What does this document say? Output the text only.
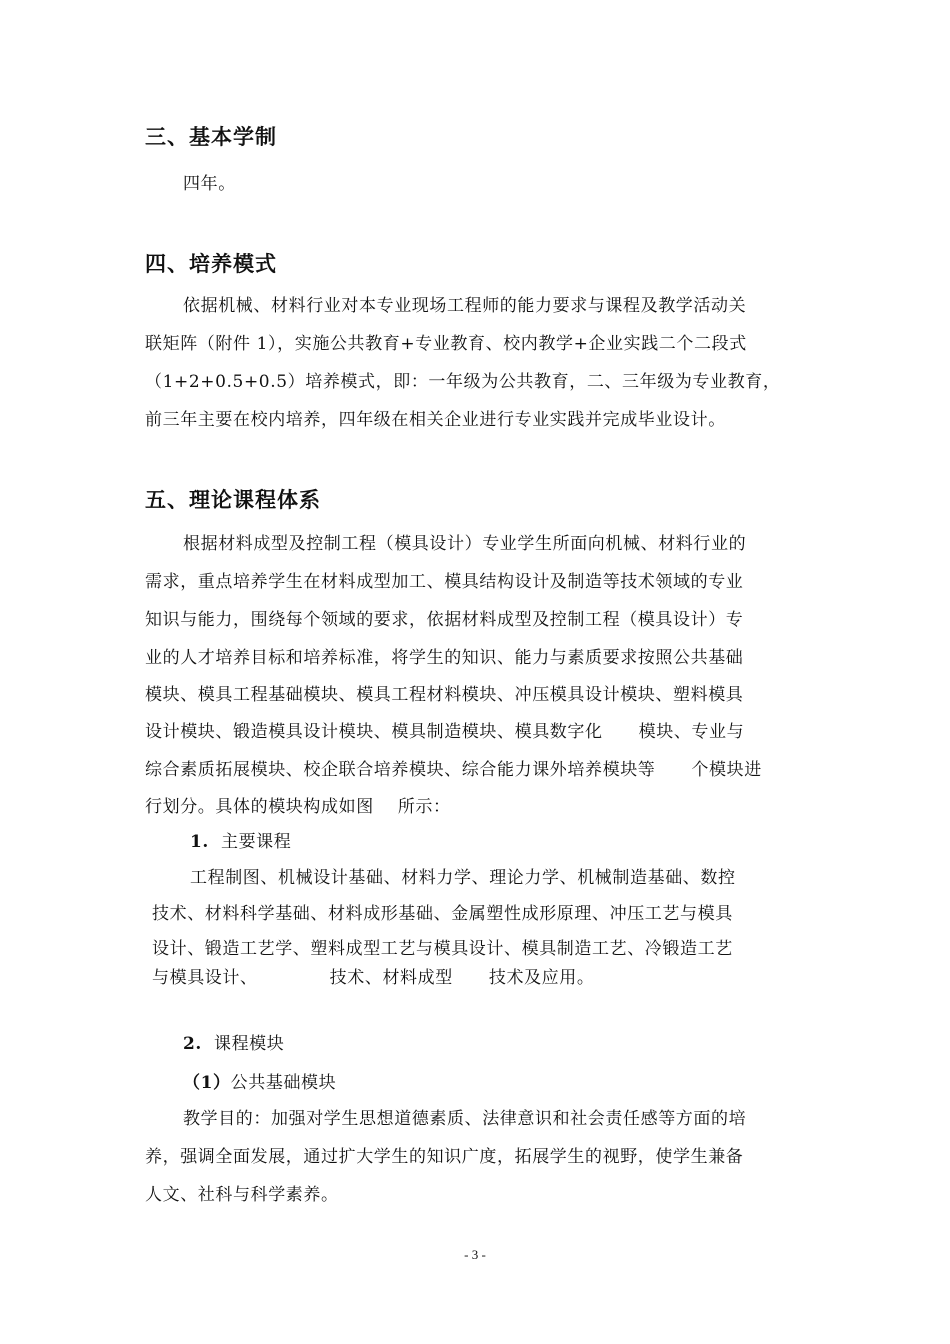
三、基本学制
四年。
四、培养模式
依据机械、材料行业对本专业现场工程师的能力要求与课程及教学活动关
联矩阵（附件 1），实施公共教育+专业教育、校内教学+企业实践二个二段式
（1+2+0.5+0.5）培养模式，即：一年级为公共教育，二、三年级为专业教育，
前三年主要在校内培养，四年级在相关企业进行专业实践并完成毕业设计。
五、理论课程体系
根据材料成型及控制工程（模具设计）专业学生所面向机械、材料行业的
需求，重点培养学生在材料成型加工、模具结构设计及制造等技术领域的专业
知识与能力，围绕每个领域的要求，依据材料成型及控制工程（模具设计）专
业的人才培养目标和培养标准，将学生的知识、能力与素质要求按照公共基础
模块、模具工程基础模块、模具工程材料模块、冲压模具设计模块、塑料模具
设计模块、锻造模具设计模块、模具制造模块、模具数字化      模块、专业与
综合素质拓展模块、校企联合培养模块、综合能力课外培养模块等      个模块进
行划分。具体的模块构成如图    所示：
1. 主要课程
工程制图、机械设计基础、材料力学、理论力学、机械制造基础、数控
技术、材料科学基础、材料成形基础、金属塑性成形原理、冲压工艺与模具
设计、锻造工艺学、塑料成型工艺与模具设计、模具制造工艺、冷锻造工艺
与模具设计、            技术、材料成型      技术及应用。
2. 课程模块
（1）公共基础模块
教学目的：加强对学生思想道德素质、法律意识和社会责任感等方面的培
养，强调全面发展，通过扩大学生的知识广度，拓展学生的视野，使学生兼备
人文、社科与科学素养。
- 3 -
